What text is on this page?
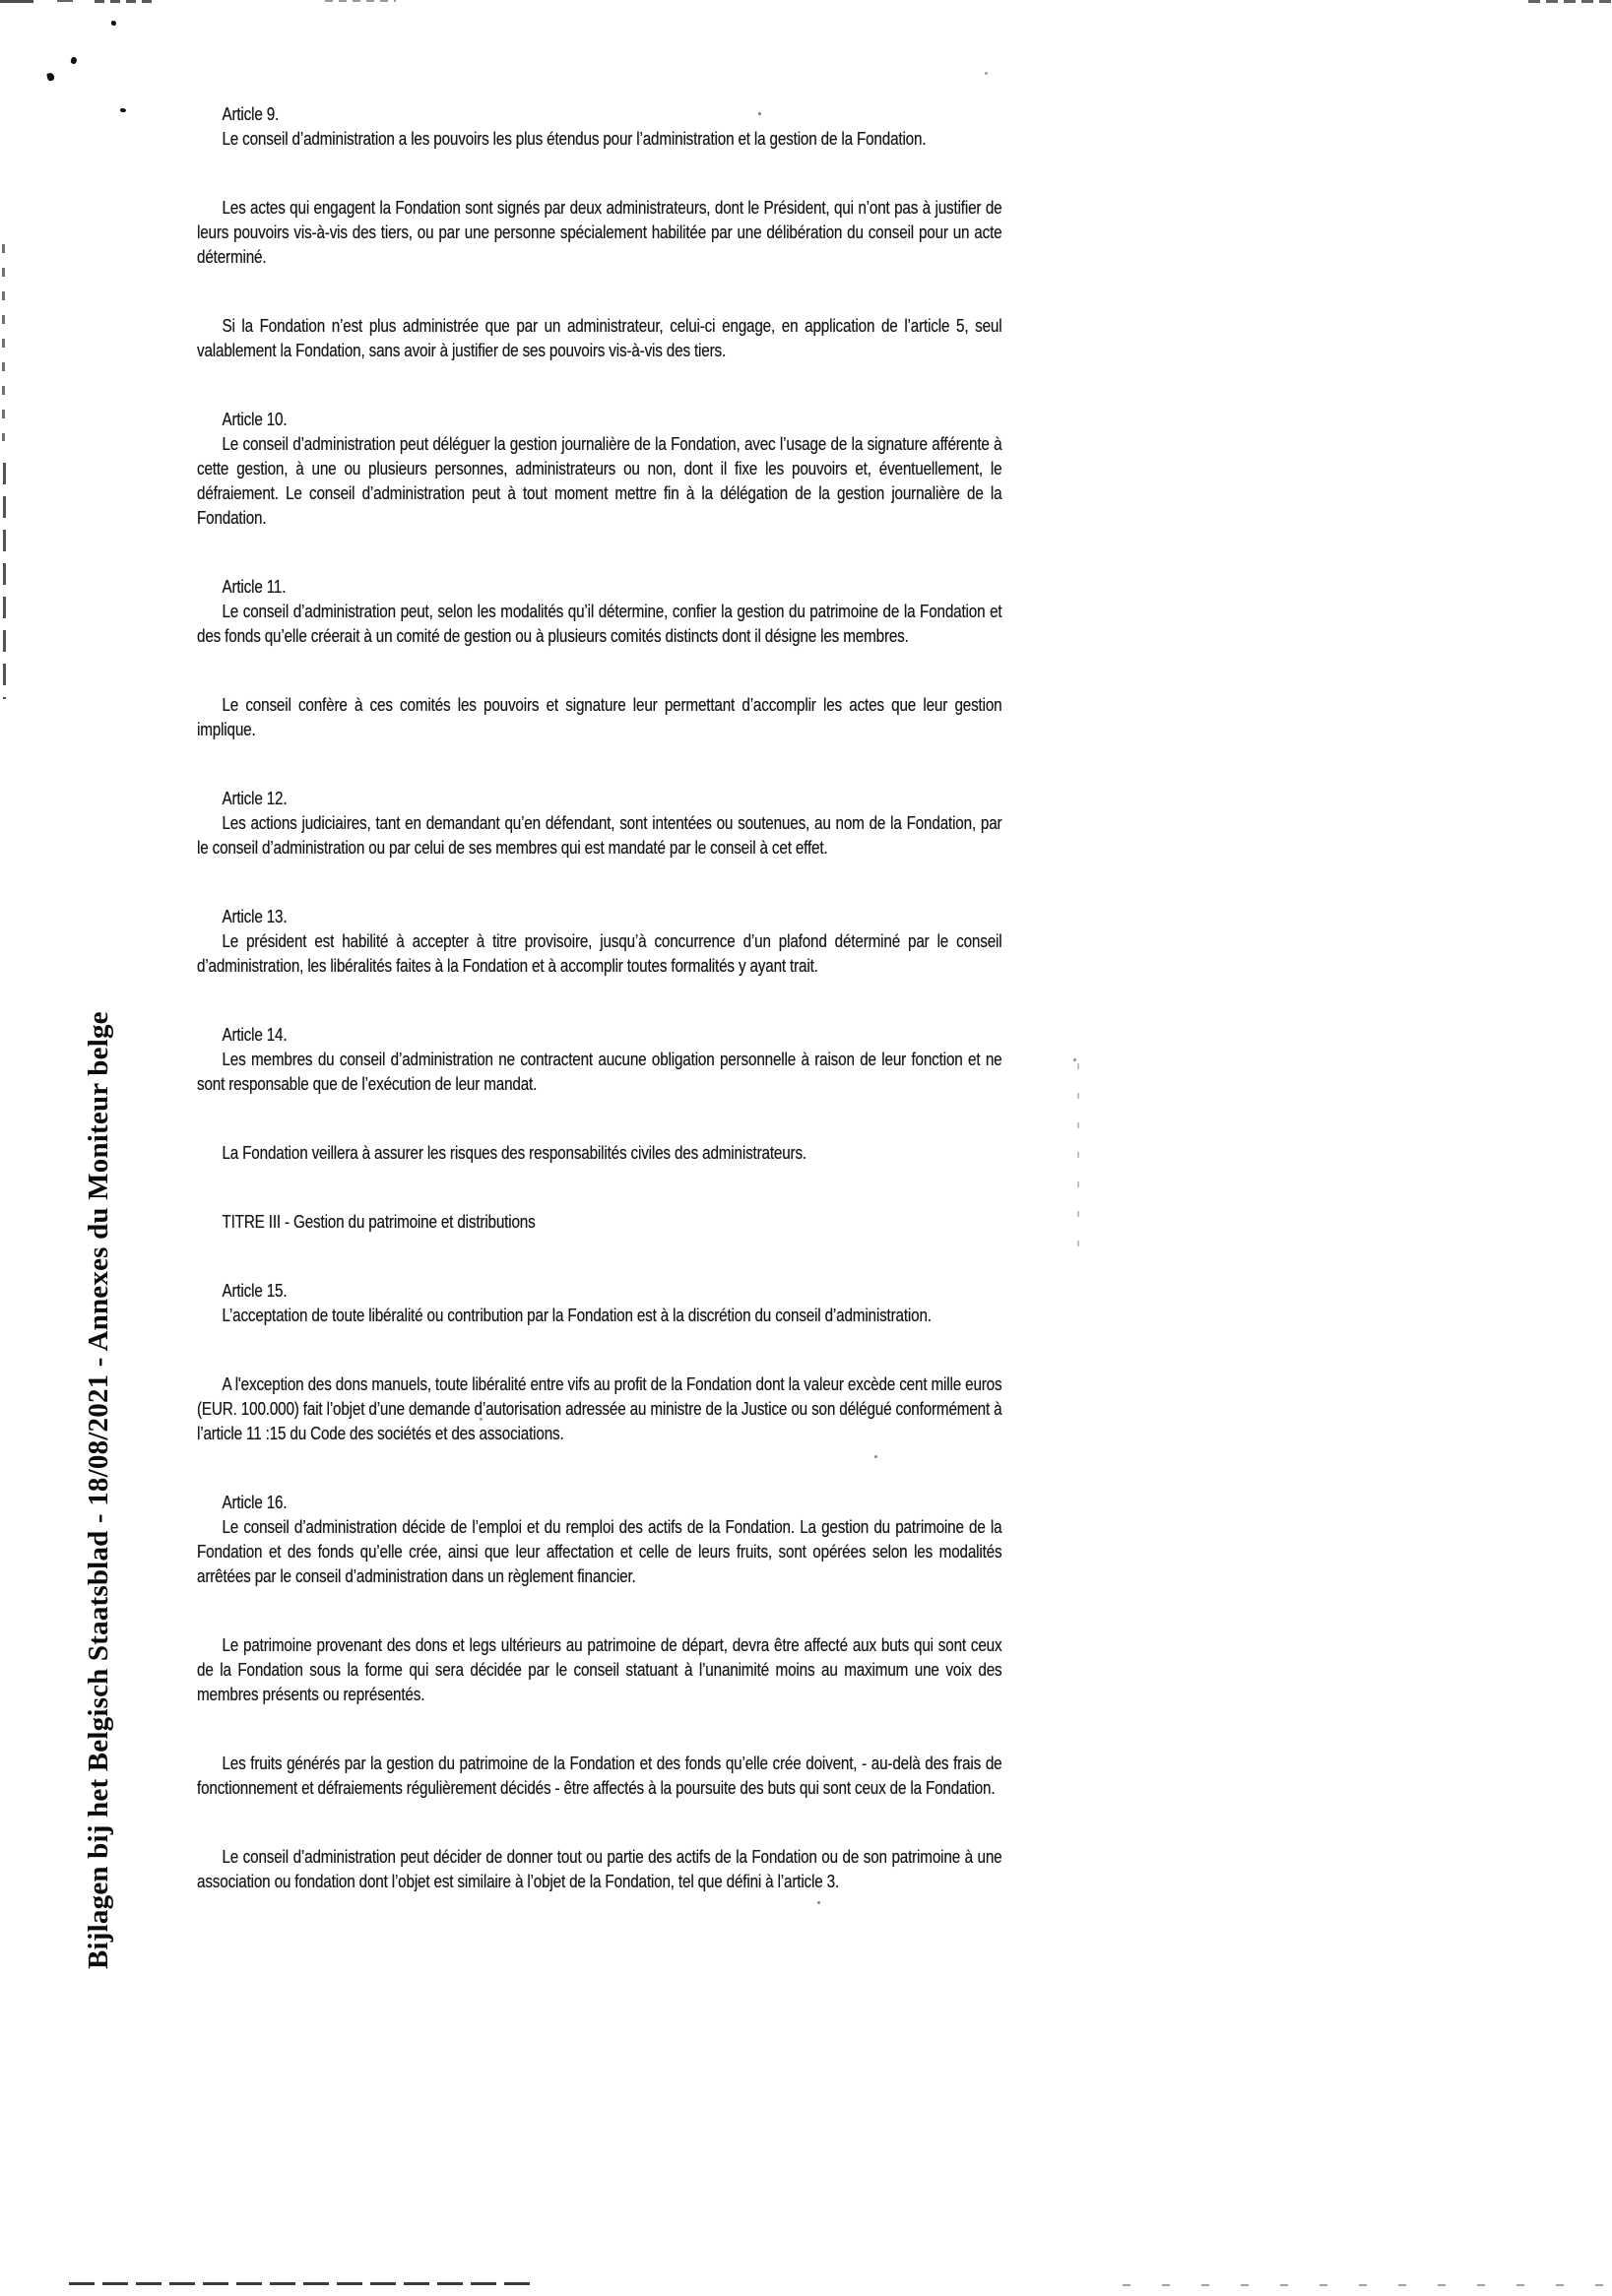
Bijlagen bij het Belgisch Staatsblad - 18/08/2021 - Annexes du Moniteur belge

Article 9.

Le conseil d’administration a les pouvoirs les plus étendus pour l’administration et la gestion de la Fondation.

Les actes qui engagent la Fondation sont signés par deux administrateurs, dont le Président, qui n’ont pas à justifier de leurs pouvoirs vis-à-vis des tiers, ou par une personne spécialement habilitée par une délibération du conseil pour un acte déterminé.

Si la Fondation n’est plus administrée que par un administrateur, celui-ci engage, en application de l’article 5, seul valablement la Fondation, sans avoir à justifier de ses pouvoirs vis-à-vis des tiers.

Article 10.

Le conseil d’administration peut déléguer la gestion journalière de la Fondation, avec l’usage de la signature afférente à cette gestion, à une ou plusieurs personnes, administrateurs ou non, dont il fixe les pouvoirs et, éventuellement, le défraiement. Le conseil d’administration peut à tout moment mettre fin à la délégation de la gestion journalière de la Fondation.

Article 11.

Le conseil d’administration peut, selon les modalités qu’il détermine, confier la gestion du patrimoine de la Fondation et des fonds qu’elle créerait à un comité de gestion ou à plusieurs comités distincts dont il désigne les membres.

Le conseil confère à ces comités les pouvoirs et signature leur permettant d’accomplir les actes que leur gestion implique.

Article 12.

Les actions judiciaires, tant en demandant qu’en défendant, sont intentées ou soutenues, au nom de la Fondation, par le conseil d’administration ou par celui de ses membres qui est mandaté par le conseil à cet effet.

Article 13.

Le président est habilité à accepter à titre provisoire, jusqu’à concurrence d’un plafond déterminé par le conseil d’administration, les libéralités faites à la Fondation et à accomplir toutes formalités y ayant trait.

Article 14.

Les membres du conseil d’administration ne contractent aucune obligation personnelle à raison de leur fonction et ne sont responsable que de l’exécution de leur mandat.

La Fondation veillera à assurer les risques des responsabilités civiles des administrateurs.

TITRE III - Gestion du patrimoine et distributions

Article 15.

L’acceptation de toute libéralité ou contribution par la Fondation est à la discrétion du conseil d’administration.

A l'exception des dons manuels, toute libéralité entre vifs au profit de la Fondation dont la valeur excède cent mille euros (EUR. 100.000) fait l’objet d’une demande d’autorisation adressée au ministre de la Justice ou son délégué conformément à l’article 11 :15 du Code des sociétés et des associations.

Article 16.

Le conseil d’administration décide de l’emploi et du remploi des actifs de la Fondation. La gestion du patrimoine de la Fondation et des fonds qu’elle crée, ainsi que leur affectation et celle de leurs fruits, sont opérées selon les modalités arrêtées par le conseil d’administration dans un règlement financier.

Le patrimoine provenant des dons et legs ultérieurs au patrimoine de départ, devra être affecté aux buts qui sont ceux de la Fondation sous la forme qui sera décidée par le conseil statuant à l’unanimité moins au maximum une voix des membres présents ou représentés.

Les fruits générés par la gestion du patrimoine de la Fondation et des fonds qu’elle crée doivent, - au-delà des frais de fonctionnement et défraiements régulièrement décidés - être affectés à la poursuite des buts qui sont ceux de la Fondation.

Le conseil d’administration peut décider de donner tout ou partie des actifs de la Fondation ou de son patrimoine à une association ou fondation dont l’objet est similaire à l’objet de la Fondation, tel que défini à l’article 3.
